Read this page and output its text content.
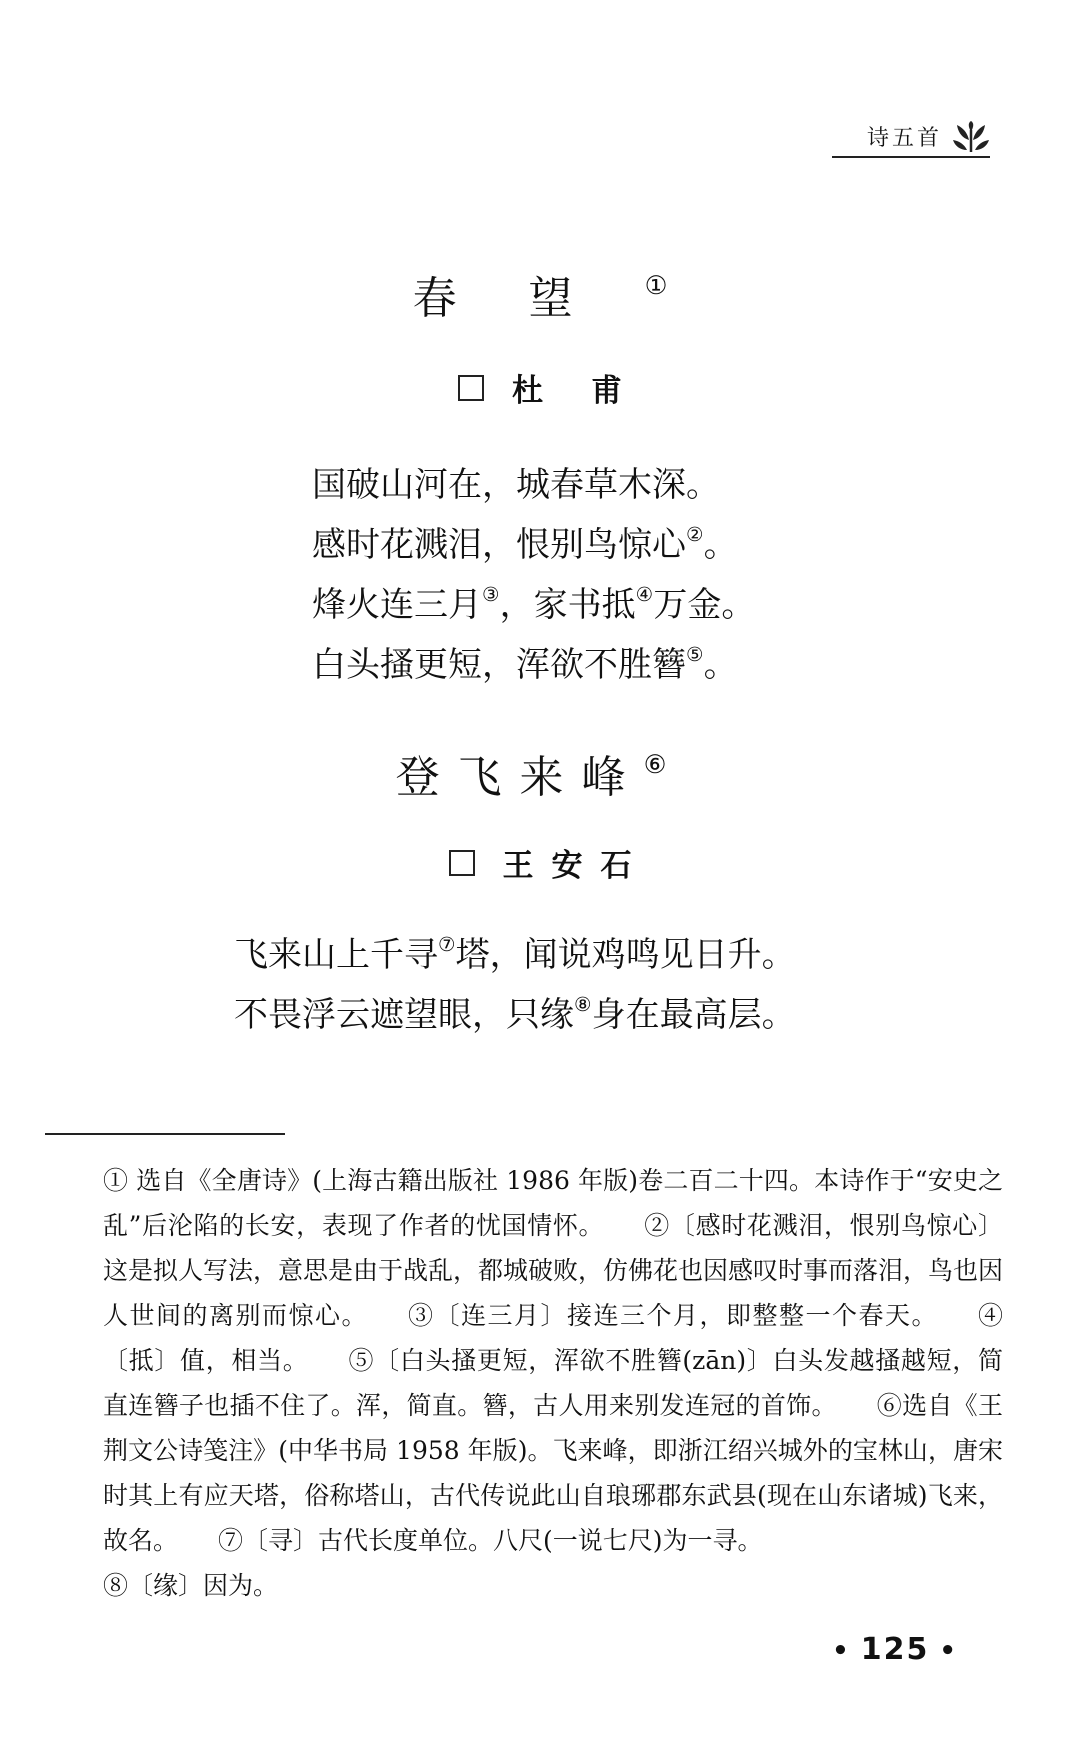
诗五首
春望①
杜甫
国破山河在，城春草木深。
感时花溅泪，恨别鸟惊心②。
烽火连三月③，家书抵④万金。
白头搔更短，浑欲不胜簪⑤。
登飞来峰⑥
王安石
飞来山上千寻⑦塔，闻说鸡鸣见日升。
不畏浮云遮望眼，只缘⑧身在最高层。

① 选自《全唐诗》(上海古籍出版社 1986 年版)卷二百二十四。本诗作于“安史之乱”后沦陷的长安，表现了作者的忧国情怀。 ②〔感时花溅泪，恨别鸟惊心〕这是拟人写法，意思是由于战乱，都城破败，仿佛花也因感叹时事而落泪，鸟也因人世间的离别而惊心。 ③〔连三月〕接连三个月，即整整一个春天。 ④〔抵〕值，相当。 ⑤〔白头搔更短，浑欲不胜簪(zān)〕白头发越搔越短，简直连簪子也插不住了。浑，简直。簪，古人用来别发连冠的首饰。 ⑥选自《王荆文公诗笺注》(中华书局 1958 年版)。飞来峰，即浙江绍兴城外的宝林山，唐宋时其上有应天塔，俗称塔山，古代传说此山自琅琊郡东武县(现在山东诸城)飞来，故名。 ⑦〔寻〕古代长度单位。八尺(一说七尺)为一寻。

⑧〔缘〕因为。

• 125 •
